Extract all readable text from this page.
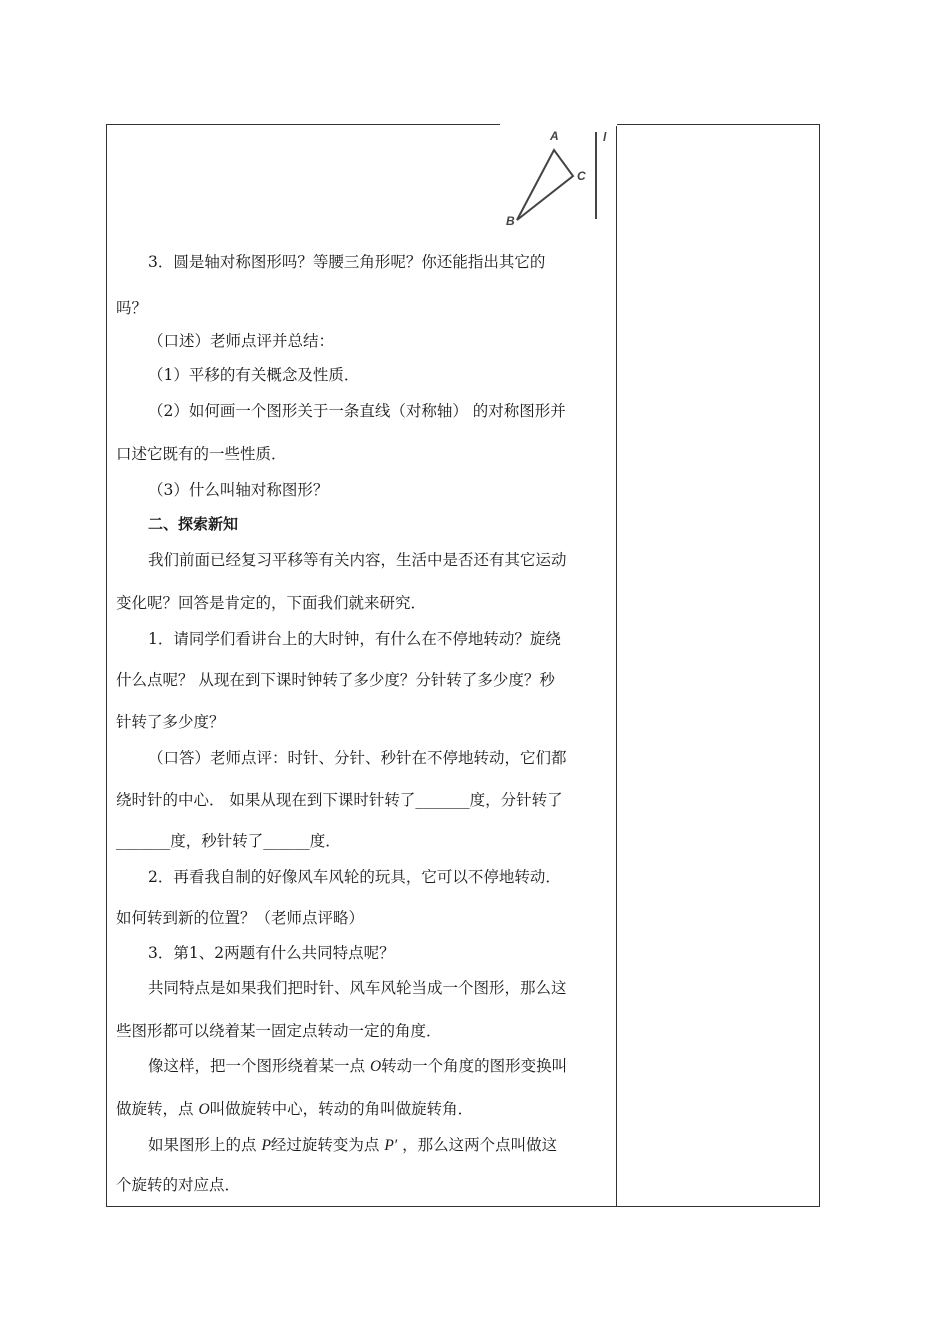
A
B
C
l
3．圆是轴对称图形吗？等腰三角形呢？你还能指出其它的
吗？
（口述）老师点评并总结：
（1）平移的有关概念及性质．
（2）如何画一个图形关于一条直线（对称轴） 的对称图形并
口述它既有的一些性质．
（3）什么叫轴对称图形？
二、探索新知
我们前面已经复习平移等有关内容，生活中是否还有其它运动
变化呢？回答是肯定的，下面我们就来研究．
1．请同学们看讲台上的大时钟，有什么在不停地转动？旋绕
什么点呢？ 从现在到下课时钟转了多少度？分针转了多少度？秒
针转了多少度？
（口答）老师点评：时针、分针、秒针在不停地转动，它们都
绕时针的中心． 如果从现在到下课时针转了_______度，分针转了
_______度，秒针转了______度．
2．再看我自制的好像风车风轮的玩具，它可以不停地转动．
如何转到新的位置？（老师点评略）
3．第1、2两题有什么共同特点呢？
共同特点是如果我们把时针、风车风轮当成一个图形，那么这
些图形都可以绕着某一固定点转动一定的角度．
像这样，把一个图形绕着某一点 O转动一个角度的图形变换叫
做旋转，点 O叫做旋转中心，转动的角叫做旋转角．
如果图形上的点 P经过旋转变为点 P′ ，那么这两个点叫做这
个旋转的对应点．
